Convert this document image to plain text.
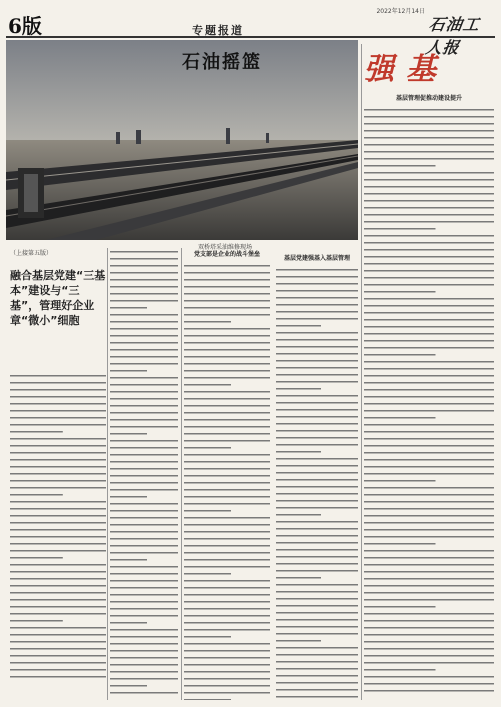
6版	专题报道
2022年12月14日
石油工人报
石油摇篮	强基
双桥塔采油维修现场
（上接第五版）
融合基层党建“三基本”建设与“三基”，管理好企业章“微小”细胞
党支部是企业的战斗堡垒
基层党建强基入基层管理
基层管理促推动建设提升
